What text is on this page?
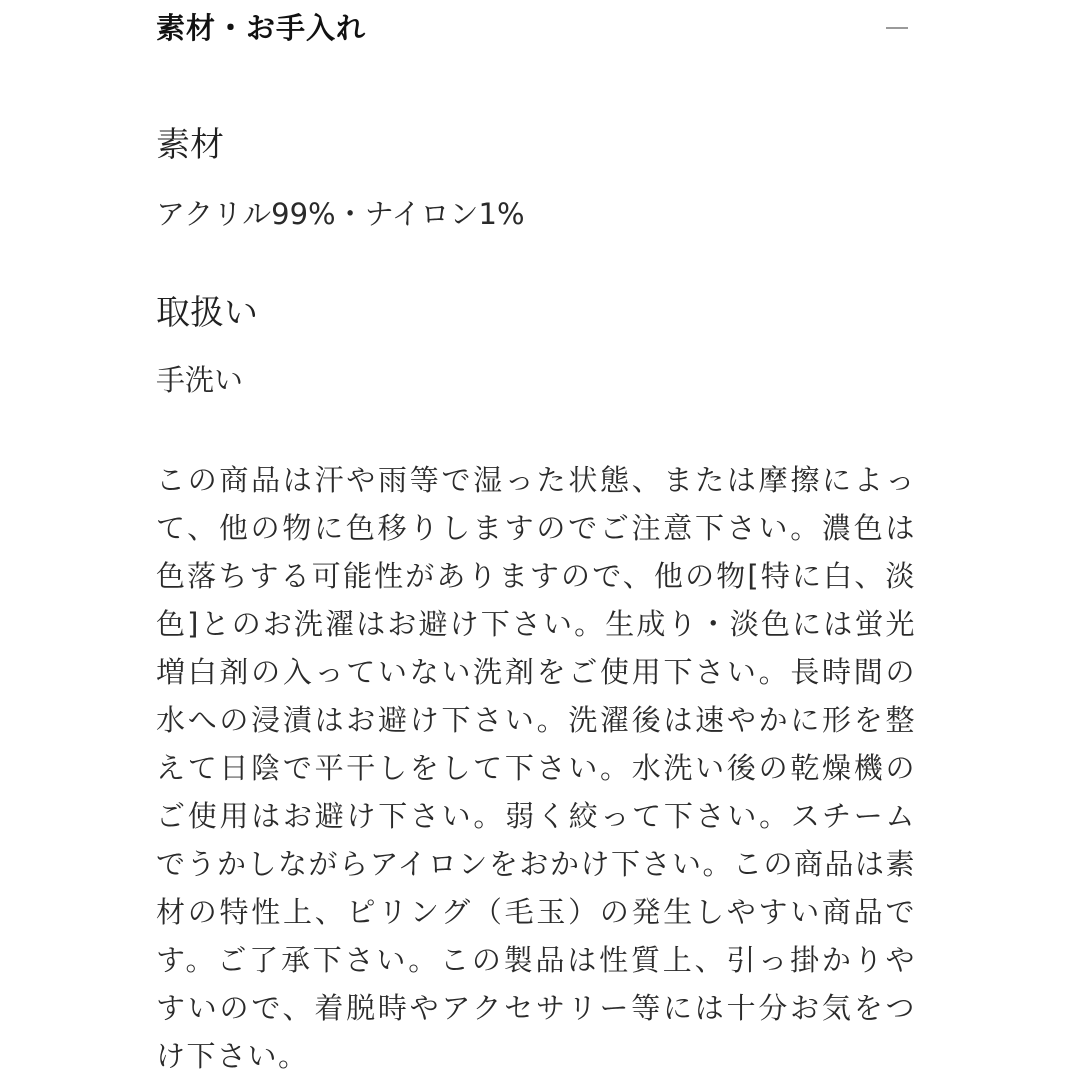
素材・お手入れ
素材

アクリル99%・ナイロン1%

取扱い

手洗い

この商品は汗や雨等で湿った状態、または摩擦によって、他の物に色移りしますのでご注意下さい。濃色は色落ちする可能性がありますので、他の物[特に白、淡色]とのお洗濯はお避け下さい。生成り・淡色には蛍光増白剤の入っていない洗剤をご使用下さい。長時間の水への浸漬はお避け下さい。洗濯後は速やかに形を整えて日陰で平干しをして下さい。水洗い後の乾燥機のご使用はお避け下さい。弱く絞って下さい。スチームでうかしながらアイロンをおかけ下さい。この商品は素材の特性上、ピリング（毛玉）の発生しやすい商品です。ご了承下さい。この製品は性質上、引っ掛かりやすいので、着脱時やアクセサリー等には十分お気をつけ下さい。
